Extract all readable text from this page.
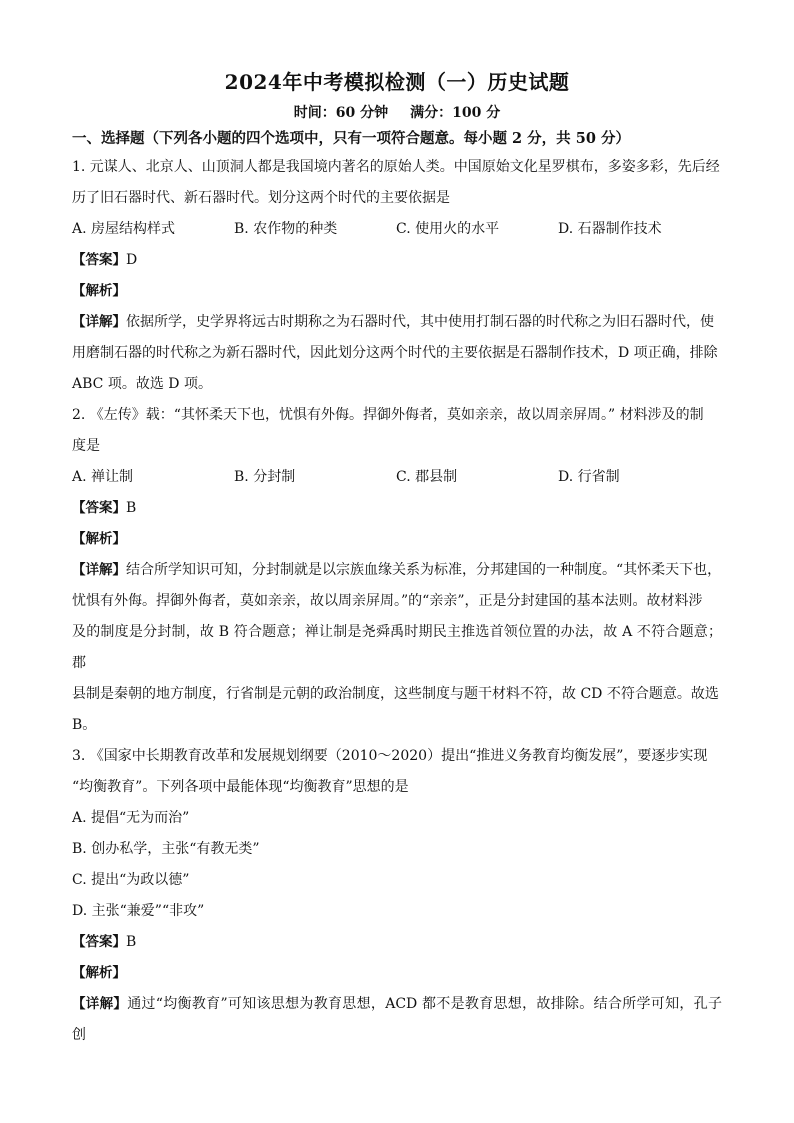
2024年中考模拟检测（一）历史试题

时间：60 分钟 满分：100 分

一、选择题（下列各小题的四个选项中，只有一项符合题意。每小题 2 分，共 50 分）

1. 元谋人、北京人、山顶洞人都是我国境内著名的原始人类。中国原始文化星罗棋布，多姿多彩，先后经

历了旧石器时代、新石器时代。划分这两个时代的主要依据是

A. 房屋结构样式	B. 农作物的种类	C. 使用火的水平	D. 石器制作技术

【答案】D

【解析】

【详解】依据所学，史学界将远古时期称之为石器时代，其中使用打制石器的时代称之为旧石器时代，使

用磨制石器的时代称之为新石器时代，因此划分这两个时代的主要依据是石器制作技术，D 项正确，排除

ABC 项。故选 D 项。

2. 《左传》载：“其怀柔天下也，忧惧有外侮。捍御外侮者，莫如亲亲，故以周亲屏周。” 材料涉及的制

度是

A. 禅让制	B. 分封制	C. 郡县制	D. 行省制

【答案】B

【解析】

【详解】结合所学知识可知，分封制就是以宗族血缘关系为标准，分邦建国的一种制度。“其怀柔天下也，

忧惧有外侮。捍御外侮者，莫如亲亲，故以周亲屏周。”的“亲亲”，正是分封建国的基本法则。故材料涉

及的制度是分封制，故 B 符合题意；禅让制是尧舜禹时期民主推选首领位置的办法，故 A 不符合题意；郡

县制是秦朝的地方制度，行省制是元朝的政治制度，这些制度与题干材料不符，故 CD 不符合题意。故选

B。

3. 《国家中长期教育改革和发展规划纲要（2010～2020）提出“推进义务教育均衡发展”，要逐步实现

“均衡教育”。下列各项中最能体现“均衡教育”思想的是

A. 提倡“无为而治”

B. 创办私学，主张“有教无类”

C. 提出“为政以德”

D. 主张“兼爱”“非攻”

【答案】B

【解析】

【详解】通过“均衡教育”可知该思想为教育思想，ACD 都不是教育思想，故排除。结合所学可知，孔子创
